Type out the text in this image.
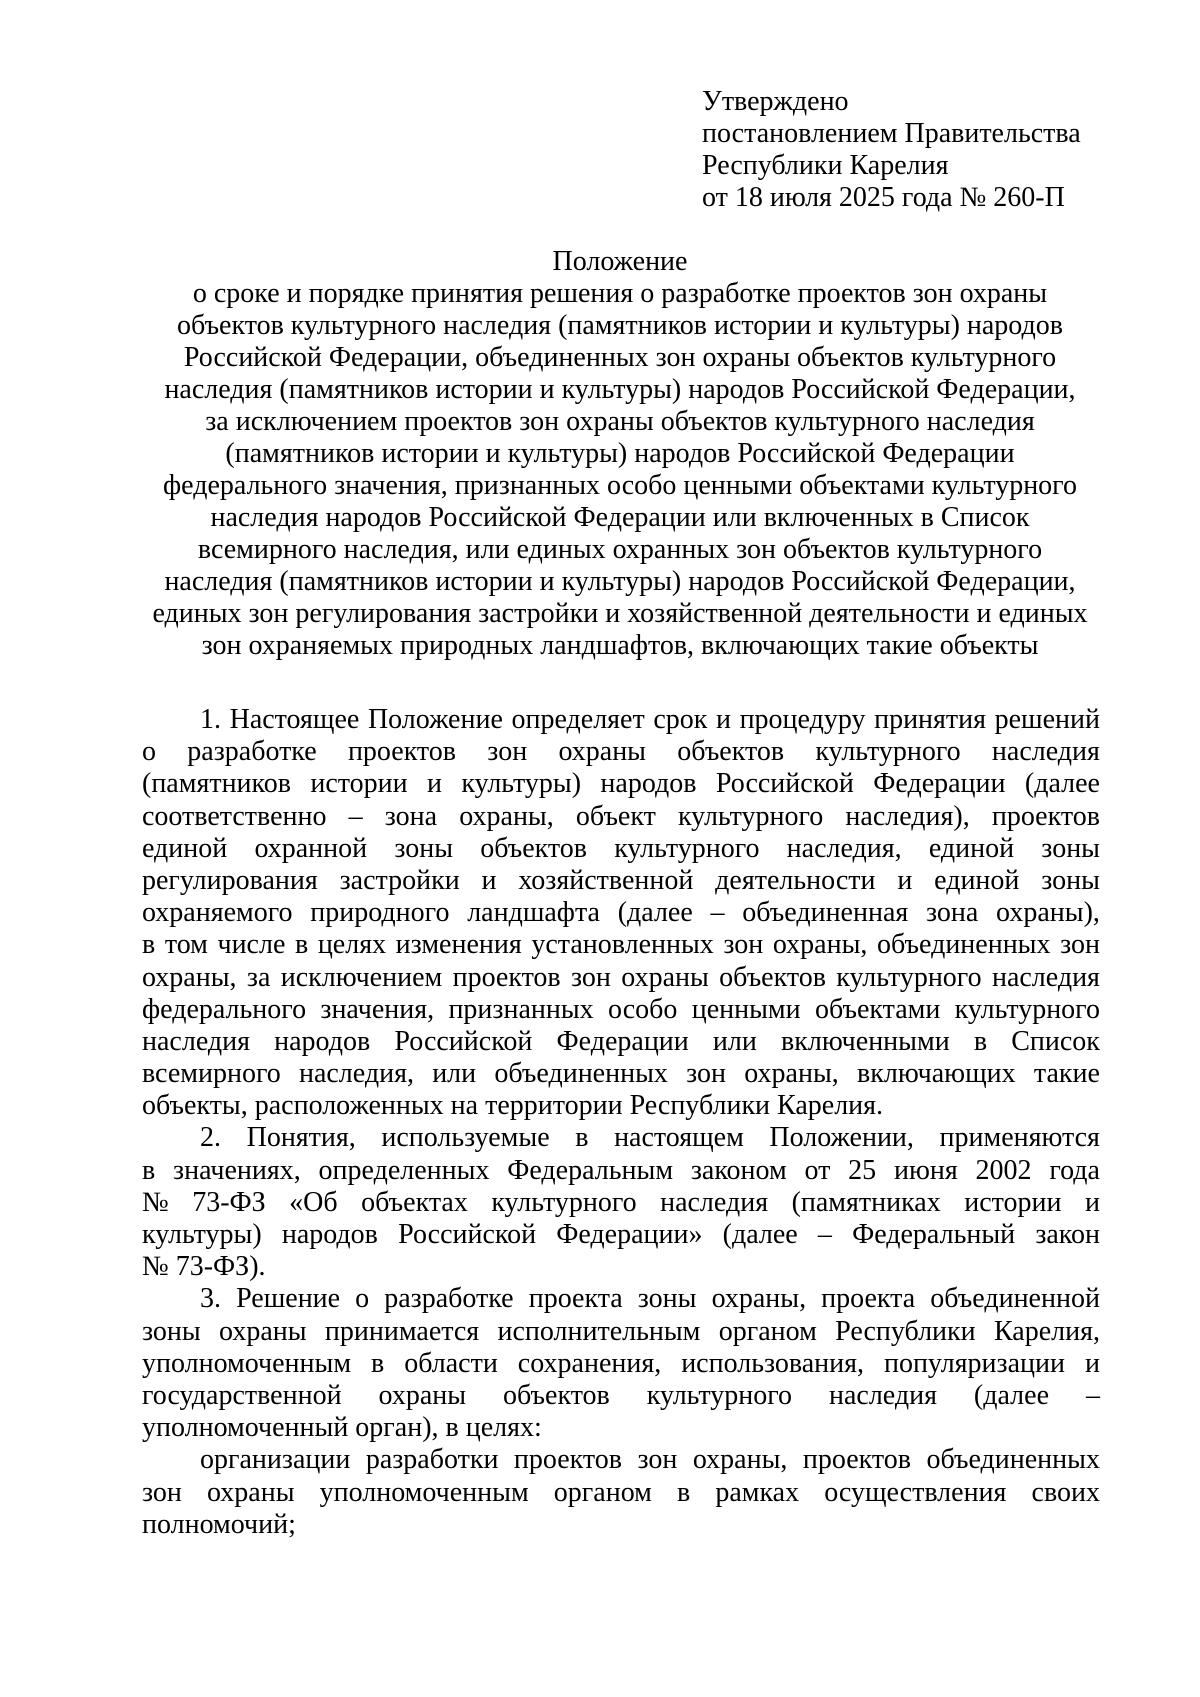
Утверждено
постановлением Правительства
Республики Карелия
от 18 июля 2025 года № 260-П
Положение
о сроке и порядке принятия решения о разработке проектов зон охраны
объектов культурного наследия (памятников истории и культуры) народов
Российской Федерации, объединенных зон охраны объектов культурного
наследия (памятников истории и культуры) народов Российской Федерации,
за исключением проектов зон охраны объектов культурного наследия
(памятников истории и культуры) народов Российской Федерации
федерального значения, признанных особо ценными объектами культурного
наследия народов Российской Федерации или включенных в Список
всемирного наследия, или единых охранных зон объектов культурного
наследия (памятников истории и культуры) народов Российской Федерации,
единых зон регулирования застройки и хозяйственной деятельности и единых
зон охраняемых природных ландшафтов, включающих такие объекты
1. Настоящее Положение определяет срок и процедуру принятия решений
о разработке проектов зон охраны объектов культурного наследия
(памятников истории и культуры) народов Российской Федерации (далее
соответственно – зона охраны, объект культурного наследия), проектов
единой охранной зоны объектов культурного наследия, единой зоны
регулирования застройки и хозяйственной деятельности и единой зоны
охраняемого природного ландшафта (далее – объединенная зона охраны),
в том числе в целях изменения установленных зон охраны, объединенных зон
охраны, за исключением проектов зон охраны объектов культурного наследия
федерального значения, признанных особо ценными объектами культурного
наследия народов Российской Федерации или включенными в Список
всемирного наследия, или объединенных зон охраны, включающих такие
объекты, расположенных на территории Республики Карелия.
2. Понятия, используемые в настоящем Положении, применяются
в значениях, определенных Федеральным законом от 25 июня 2002 года
№ 73-ФЗ «Об объектах культурного наследия (памятниках истории и
культуры) народов Российской Федерации» (далее – Федеральный закон
№ 73-ФЗ).
3. Решение о разработке проекта зоны охраны, проекта объединенной
зоны охраны принимается исполнительным органом Республики Карелия,
уполномоченным в области сохранения, использования, популяризации и
государственной охраны объектов культурного наследия (далее –
уполномоченный орган), в целях:
организации разработки проектов зон охраны, проектов объединенных
зон охраны уполномоченным органом в рамках осуществления своих
полномочий;
